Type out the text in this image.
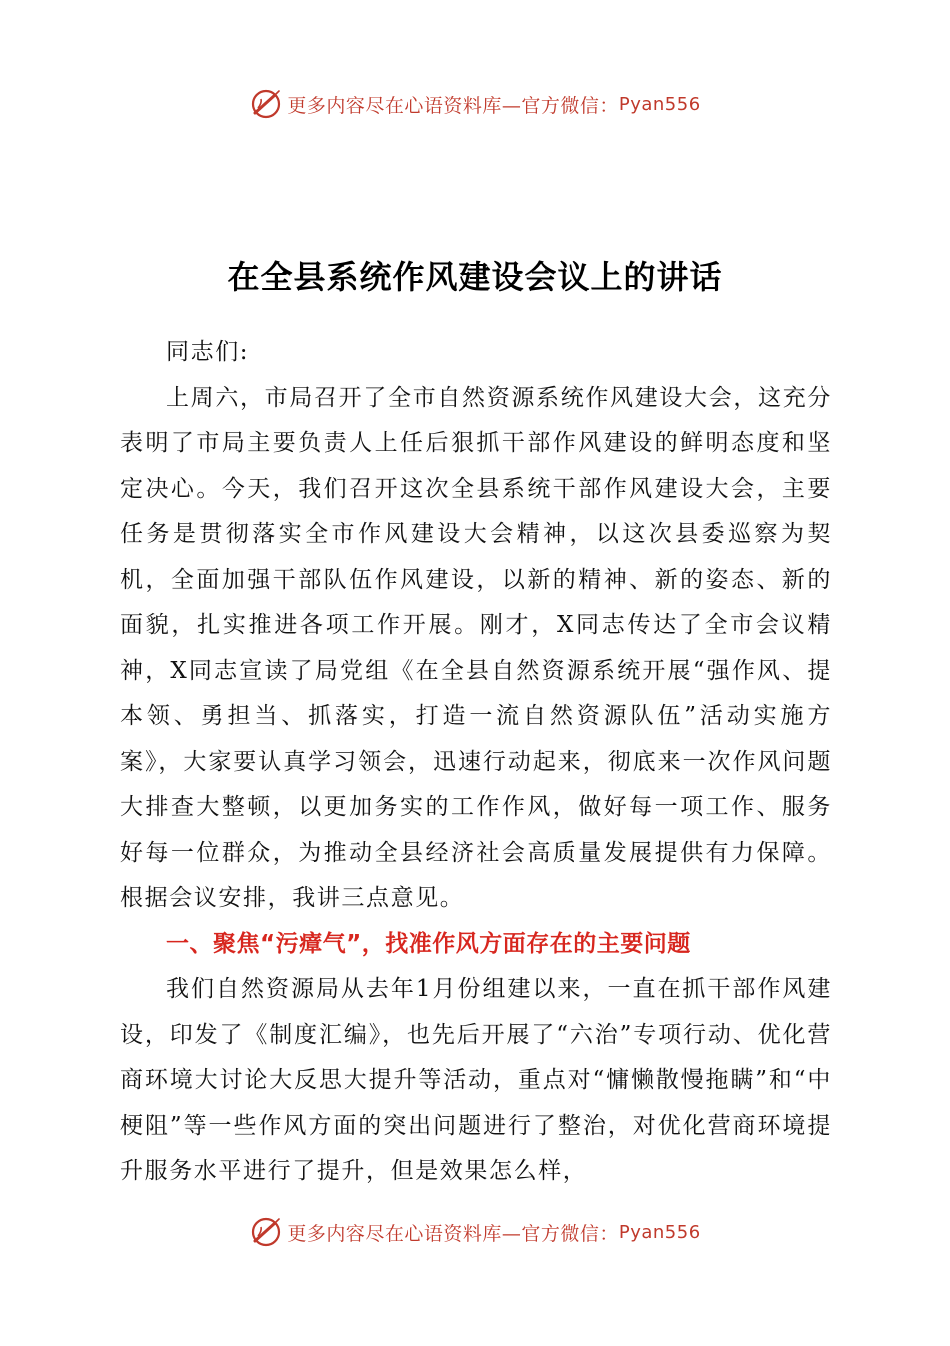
更多内容尽在心语资料库—官方微信： Pyan556
在全县系统作风建设会议上的讲话

同志们:

上周六，市局召开了全市自然资源系统作风建设大会，这充分表明了市局主要负责人上任后狠抓干部作风建设的鲜明态度和坚定决心。今天，我们召开这次全县系统干部作风建设大会，主要任务是贯彻落实全市作风建设大会精神，以这次县委巡察为契机，全面加强干部队伍作风建设，以新的精神、新的姿态、新的面貌，扎实推进各项工作开展。刚才，X同志传达了全市会议精神，X同志宣读了局党组《在全县自然资源系统开展“强作风、提本领、勇担当、抓落实，打造一流自然资源队伍”活动实施方案》，大家要认真学习领会，迅速行动起来，彻底来一次作风问题大排查大整顿，以更加务实的工作作风，做好每一项工作、服务好每一位群众，为推动全县经济社会高质量发展提供有力保障。根据会议安排，我讲三点意见。

一、聚焦“污瘴气”，找准作风方面存在的主要问题

我们自然资源局从去年1月份组建以来，一直在抓干部作风建设，印发了《制度汇编》，也先后开展了“六治”专项行动、优化营商环境大讨论大反思大提升等活动，重点对“慵懒散慢拖瞒”和“中梗阻”等一些作风方面的突出问题进行了整治，对优化营商环境提升服务水平进行了提升，但是效果怎么样，

更多内容尽在心语资料库—官方微信： Pyan556
